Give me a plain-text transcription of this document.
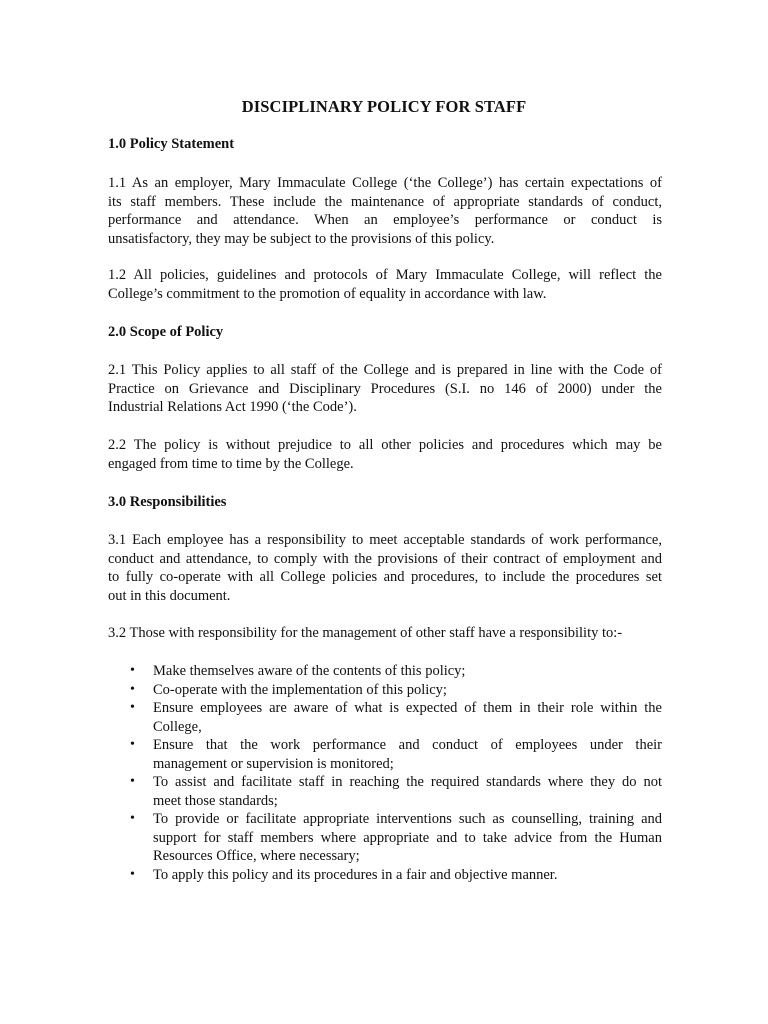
DISCIPLINARY POLICY FOR STAFF
1.0 Policy Statement
1.1 As an employer, Mary Immaculate College (‘the College’) has certain expectations of
its staff members. These include the maintenance of appropriate standards of conduct,
performance and attendance. When an employee’s performance or conduct is
unsatisfactory, they may be subject to the provisions of this policy.
1.2 All policies, guidelines and protocols of Mary Immaculate College, will reflect the
College’s commitment to the promotion of equality in accordance with law.
2.0 Scope of Policy
2.1 This Policy applies to all staff of the College and is prepared in line with the Code of
Practice on Grievance and Disciplinary Procedures (S.I. no 146 of 2000) under the
Industrial Relations Act 1990 (‘the Code’).
2.2 The policy is without prejudice to all other policies and procedures which may be
engaged from time to time by the College.
3.0 Responsibilities
3.1 Each employee has a responsibility to meet acceptable standards of work performance,
conduct and attendance, to comply with the provisions of their contract of employment and
to fully co-operate with all College policies and procedures, to include the procedures set
out in this document.
3.2 Those with responsibility for the management of other staff have a responsibility to:-
• Make themselves aware of the contents of this policy;
• Co-operate with the implementation of this policy;
• Ensure employees are aware of what is expected of them in their role within the
College,
• Ensure that the work performance and conduct of employees under their
management or supervision is monitored;
• To assist and facilitate staff in reaching the required standards where they do not
meet those standards;
• To provide or facilitate appropriate interventions such as counselling, training and
support for staff members where appropriate and to take advice from the Human
Resources Office, where necessary;
• To apply this policy and its procedures in a fair and objective manner.
